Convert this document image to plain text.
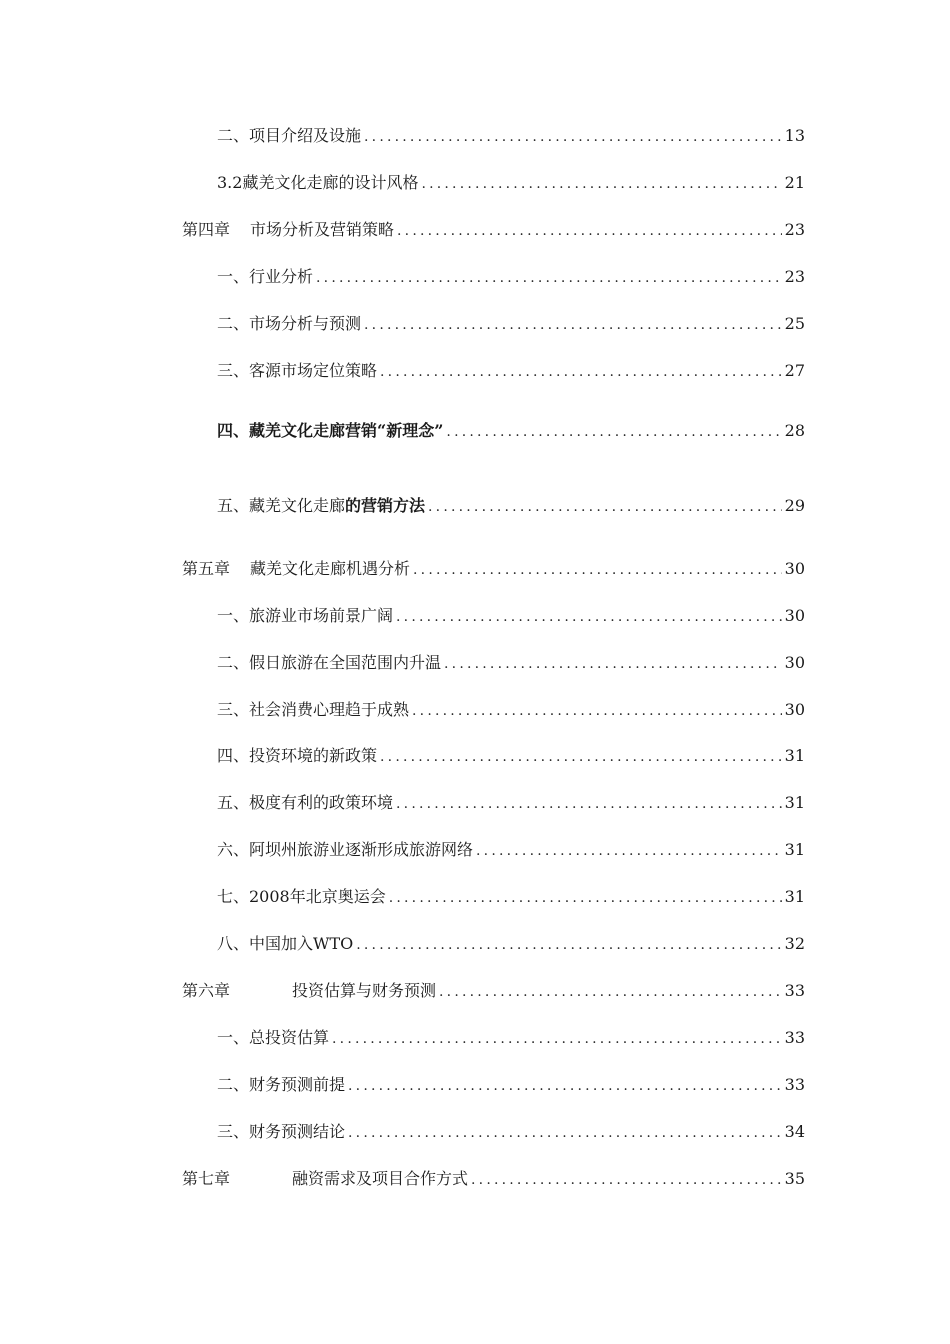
二、项目介绍及设施 .....	13
3.2藏羌文化走廊的设计风格 .....	21
第四章 市场分析及营销策略 .....	23
一、行业分析 .....	23
二、市场分析与预测 .....	25
三、客源市场定位策略 .....	27
四、藏羌文化走廊营销“新理念” .....	28
五、藏羌文化走廊的营销方法 .....	29
第五章 藏羌文化走廊机遇分析 .....	30
一、旅游业市场前景广阔 .....	30
二、假日旅游在全国范围内升温 .....	30
三、社会消费心理趋于成熟 .....	30
四、投资环境的新政策 .....	31
五、极度有利的政策环境 .....	31
六、阿坝州旅游业逐渐形成旅游网络 .....	31
七、2008年北京奥运会 .....	31
八、中国加入WTO .....	32
第六章	投资估算与财务预测 .....	33
一、总投资估算 .....	33
二、财务预测前提 .....	33
三、财务预测结论 .....	34
第七章	融资需求及项目合作方式 .....	35
